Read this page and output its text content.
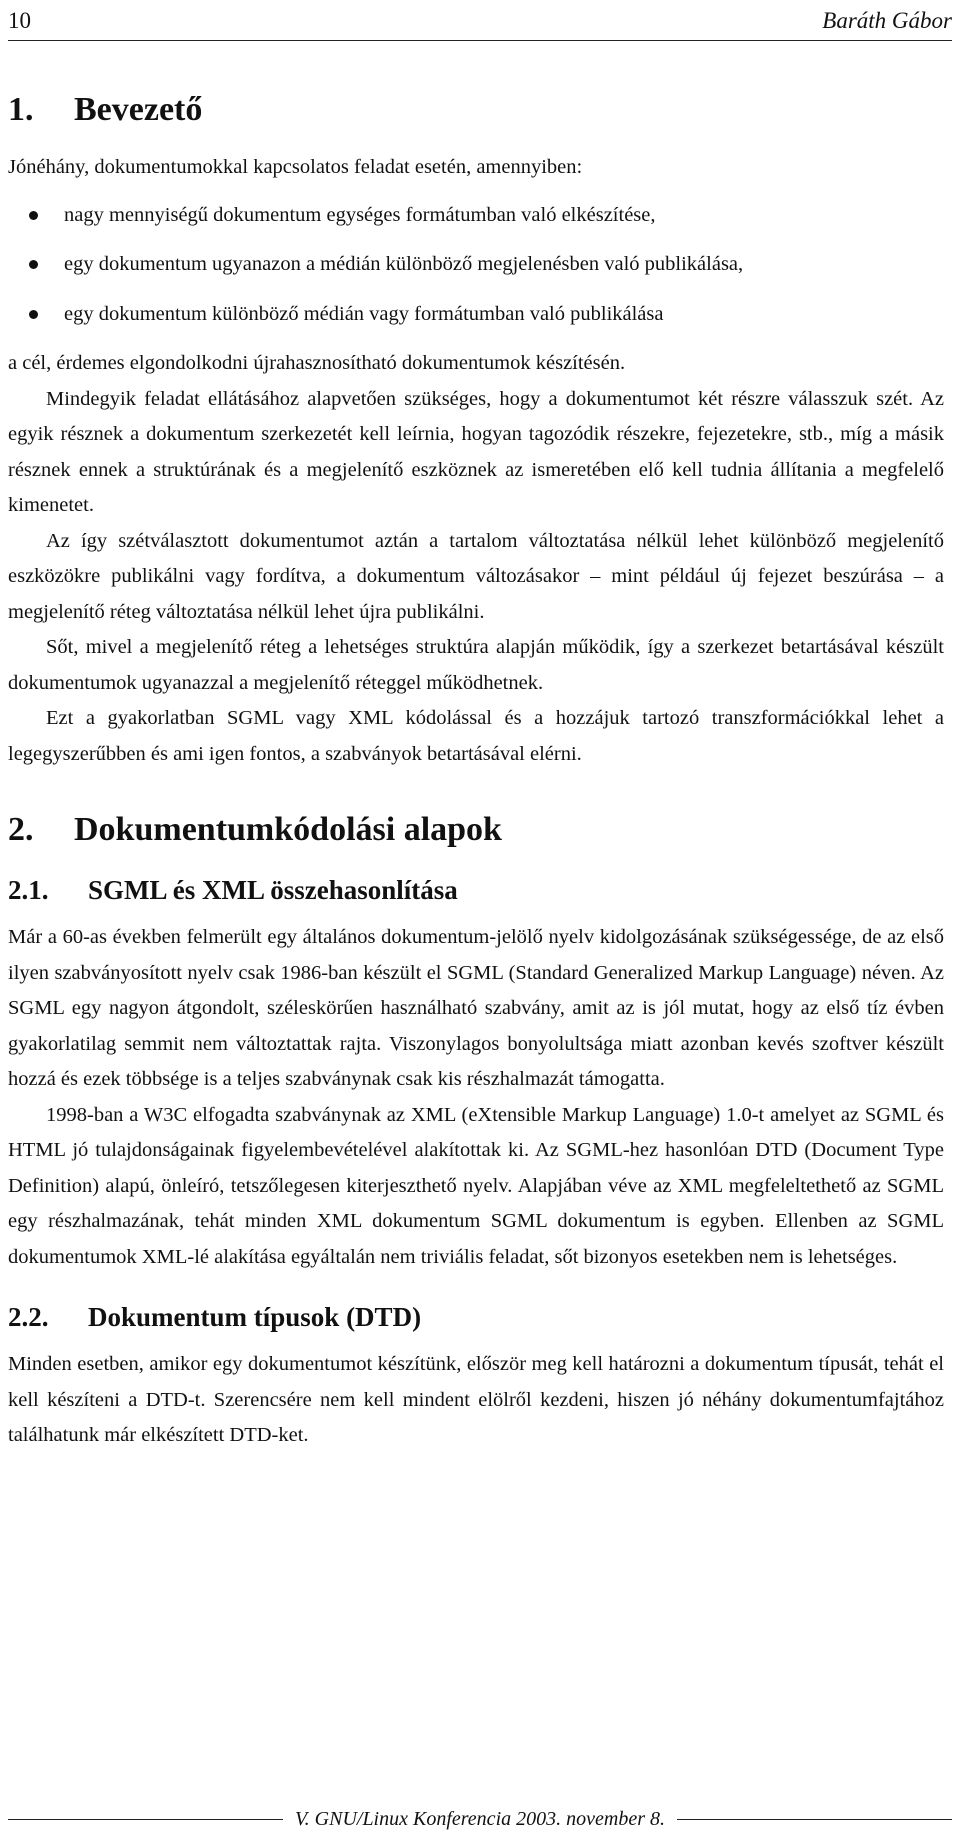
10	Baráth Gábor
1. Bevezető

Jónéhány, dokumentumokkal kapcsolatos feladat esetén, amennyiben:

nagy mennyiségű dokumentum egységes formátumban való elkészítése,
egy dokumentum ugyanazon a médián különböző megjelenésben való publikálása,
egy dokumentum különböző médián vagy formátumban való publikálása

a cél, érdemes elgondolkodni újrahasznosítható dokumentumok készítésén.

Mindegyik feladat ellátásához alapvetően szükséges, hogy a dokumentumot két részre válasszuk szét. Az egyik résznek a dokumentum szerkezetét kell leírnia, hogyan tagozódik részekre, fejezetekre, stb., míg a másik résznek ennek a struktúrának és a megjelenítő eszköznek az ismeretében elő kell tudnia állítania a megfelelő kimenetet.

Az így szétválasztott dokumentumot aztán a tartalom változtatása nélkül lehet különböző megjelenítő eszközökre publikálni vagy fordítva, a dokumentum változásakor – mint például új fejezet beszúrása – a megjelenítő réteg változtatása nélkül lehet újra publikálni.

Sőt, mivel a megjelenítő réteg a lehetséges struktúra alapján működik, így a szerkezet betartásával készült dokumentumok ugyanazzal a megjelenítő réteggel működhetnek.

Ezt a gyakorlatban SGML vagy XML kódolással és a hozzájuk tartozó transzformációkkal lehet a legegyszerűbben és ami igen fontos, a szabványok betartásával elérni.

2. Dokumentumkódolási alapok
2.1. SGML és XML összehasonlítása

Már a 60-as években felmerült egy általános dokumentum-jelölő nyelv kidolgozásának szükségessége, de az első ilyen szabványosított nyelv csak 1986-ban készült el SGML (Standard Generalized Markup Language) néven. Az SGML egy nagyon átgondolt, széleskörűen használható szabvány, amit az is jól mutat, hogy az első tíz évben gyakorlatilag semmit nem változtattak rajta. Viszonylagos bonyolultsága miatt azonban kevés szoftver készült hozzá és ezek többsége is a teljes szabványnak csak kis részhalmazát támogatta.

1998-ban a W3C elfogadta szabványnak az XML (eXtensible Markup Language) 1.0-t amelyet az SGML és HTML jó tulajdonságainak figyelembevételével alakítottak ki. Az SGML-hez hasonlóan DTD (Document Type Definition) alapú, önleíró, tetszőlegesen kiterjeszthető nyelv. Alapjában véve az XML megfeleltethető az SGML egy részhalmazának, tehát minden XML dokumentum SGML dokumentum is egyben. Ellenben az SGML dokumentumok XML-lé alakítása egyáltalán nem triviális feladat, sőt bizonyos esetekben nem is lehetséges.

2.2. Dokumentum típusok (DTD)

Minden esetben, amikor egy dokumentumot készítünk, először meg kell határozni a dokumentum típusát, tehát el kell készíteni a DTD-t. Szerencsére nem kell mindent elölről kezdeni, hiszen jó néhány dokumentumfajtához találhatunk már elkészített DTD-ket.

V. GNU/Linux Konferencia 2003. november 8.
